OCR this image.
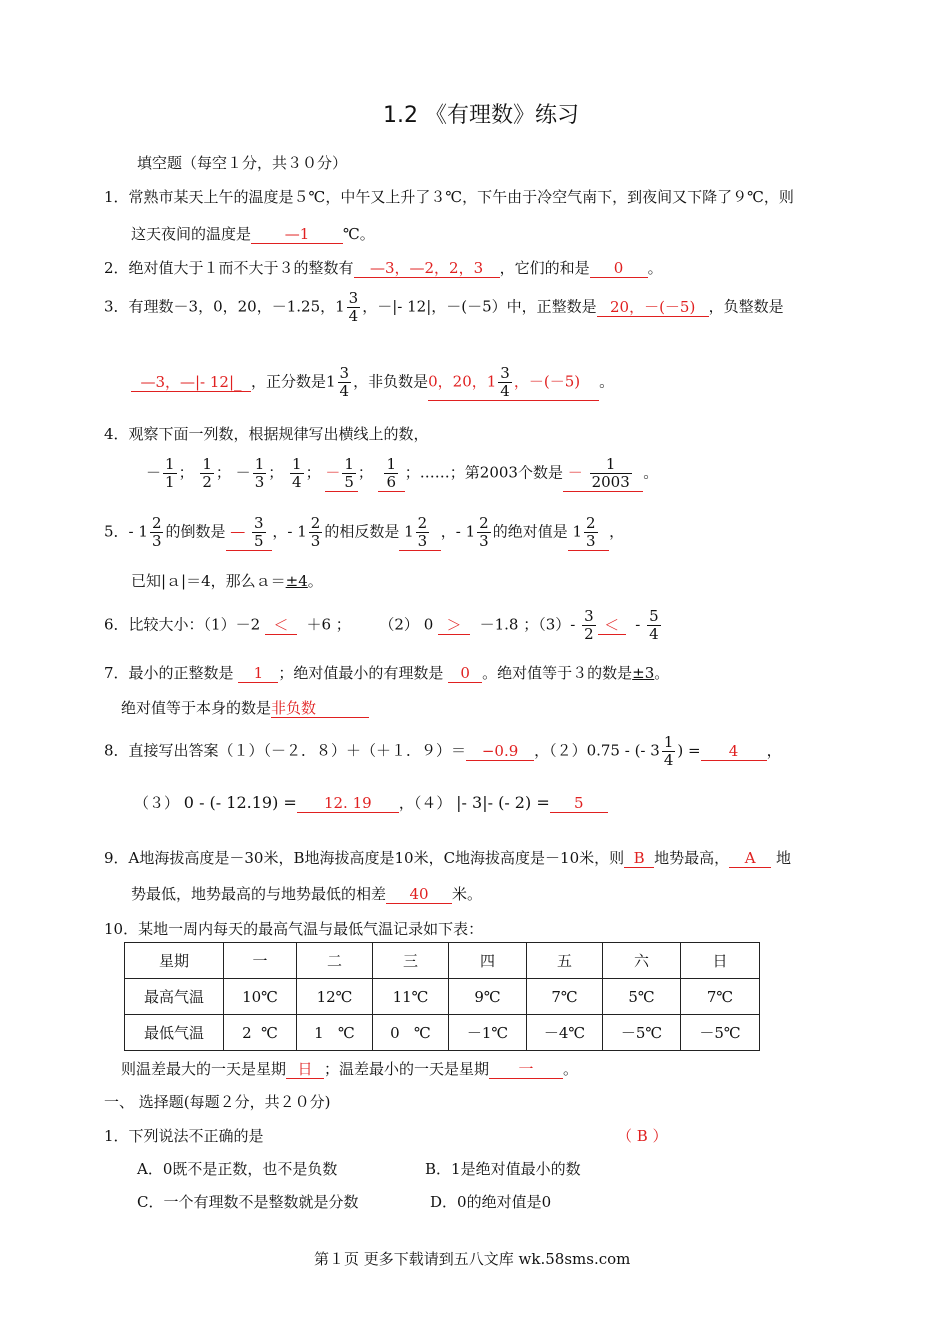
1.2 《有理数》练习
填空题（每空１分，共３０分）
1．常熟市某天上午的温度是５℃，中午又上升了３℃，下午由于冷空气南下，到夜间又下降了９℃，则
这天夜间的温度是 —1 ℃。
2．绝对值大于１而不大于３的整数有 —3，—2，2，3 ，它们的和是 0 。
3．有理数－3，0，20，－1.25，$1 \frac{3}{4}$ ，－|- 12|，－(－5）中，正整数是 20，－(－5) ，负整数是
—3，—|- 12|_ ，正分数是$1 \frac{3}{4}$ ，非负数是0，20，$1 \frac{3}{4}$ ，－(－5) 。
4．观察下面一列数，根据规律写出横线上的数，
－ $\frac{1}{1}$ ； $\frac{1}{2}$ ； － $\frac{1}{3}$ ； $\frac{1}{4}$ ； － $\frac{1}{5}$ ； $\frac{1}{6}$ ；……；第2003个数是 － $\frac{1}{2003}$ 。
5．- $1 \frac{2}{3}$ 的倒数是 — $\frac{3}{5}$ ，- $1 \frac{2}{3}$ 的相反数是 $1 \frac{2}{3}$ ，- $1 \frac{2}{3}$ 的绝对值是 $1 \frac{2}{3}$ ，
已知|ａ|＝4，那么ａ＝±4。
6．比较大小：（1）－2 ＜ ＋6 ； （2） 0 ＞ －1.8 ；$(3)- \frac{3}{2}$ ＜ - $\frac{5}{4}$
7．最小的正整数是 1 ；绝对值最小的有理数是 0 。绝对值等于３的数是±3。
绝对值等于本身的数是非负数
8．直接写出答案（１）（－２．８）＋（＋１．９）＝ −0.9 ，（２）0.75 - (- $3 \frac{1}{4}$ ) = 4 ，
（３） 0 - (- 12.19) = 12. 19 ，（４） |- 3|- (- 2) = 5
9．A地海拔高度是－30米，B地海拔高度是10米，C地海拔高度是－10米，则 B 地势最高， A 地
势最低，地势最高的与地势最低的相差 40 米。
10．某地一周内每天的最高气温与最低气温记录如下表：
星期	一	二	三	四	五	六	日
最高气温	10℃	12℃	11℃	9℃	7℃	5℃	7℃
最低气温	2  ℃	1   ℃	0   ℃	－1℃	－4℃	－5℃	－5℃
则温差最大的一天是星期 日 ；温差最小的一天是星期 一 。
一、 选择题(每题２分，共２０分)
1．下列说法不正确的是	（ B ）
A．0既不是正数，也不是负数	B．1是绝对值最小的数
C．一个有理数不是整数就是分数	D．0的绝对值是0
第１页 更多下载请到五八文库 wk.58sms.com
